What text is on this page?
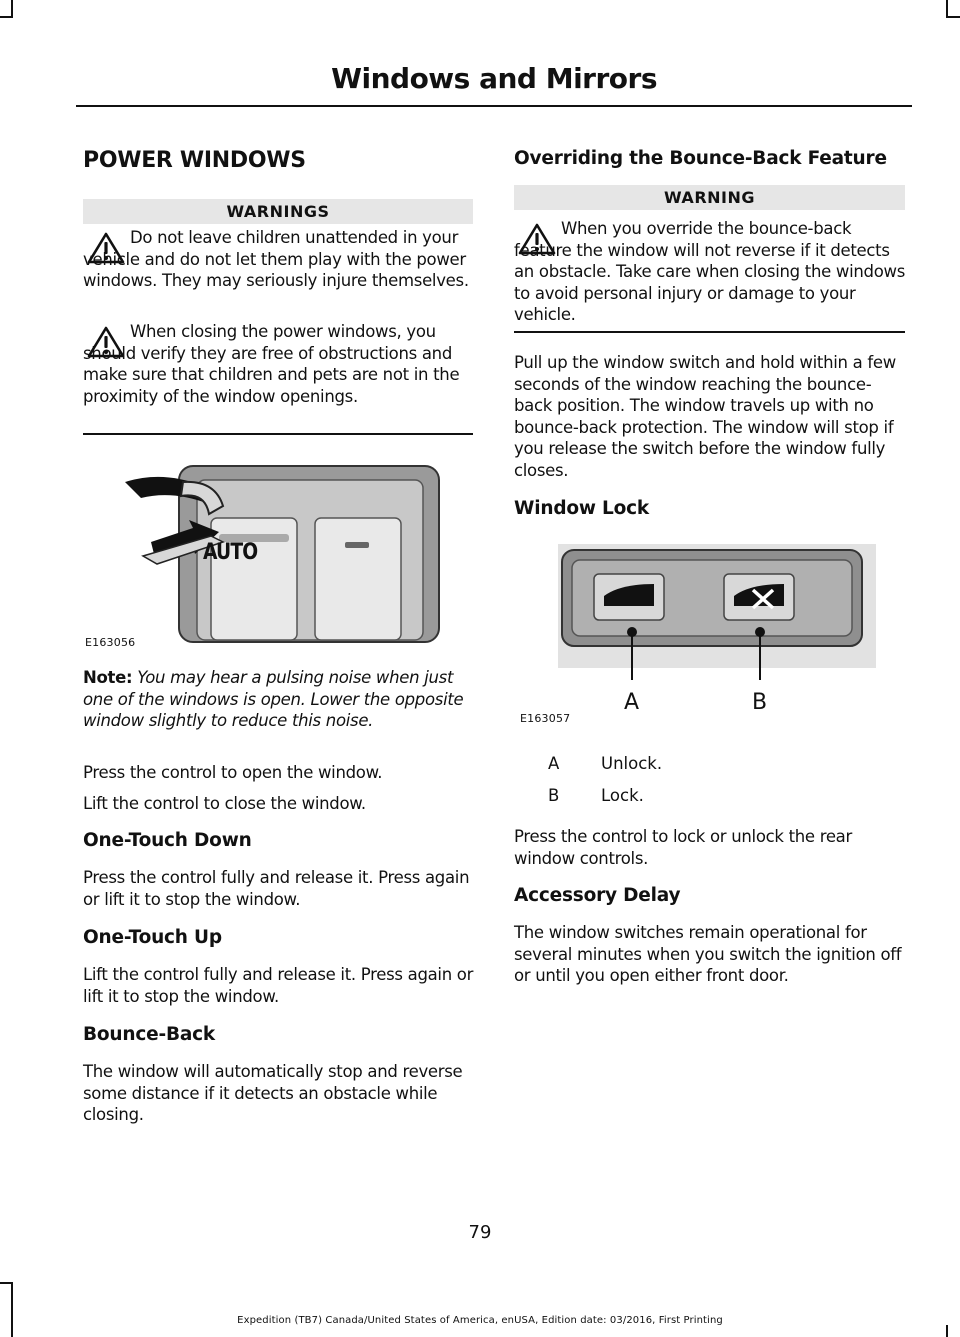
Windows and Mirrors
POWER WINDOWS
WARNINGS

Do not leave children unattended in your vehicle and do not let them play with the power windows. They may seriously injure themselves.

When closing the power windows, you should verify they are free of obstructions and make sure that children and pets are not in the proximity of the window openings.

AUTO
E163056

Note: You may hear a pulsing noise when just one of the windows is open. Lower the opposite window slightly to reduce this noise.

Press the control to open the window.

Lift the control to close the window.

One-Touch Down

Press the control fully and release it. Press again or lift it to stop the window.

One-Touch Up

Lift the control fully and release it. Press again or lift it to stop the window.

Bounce-Back

The window will automatically stop and reverse some distance if it detects an obstacle while closing.

Overriding the Bounce-Back Feature
WARNING

When you override the bounce-back feature the window will not reverse if it detects an obstacle. Take care when closing the windows to avoid personal injury or damage to your vehicle.

Pull up the window switch and hold within a few seconds of the window reaching the bounce-back position. The window travels up with no bounce-back protection. The window will stop if you release the switch before the window fully closes.

Window Lock
A	B
E163057
A	Unlock.
B	Lock.

Press the control to lock or unlock the rear window controls.

Accessory Delay

The window switches remain operational for several minutes when you switch the ignition off or until you open either front door.

79
Expedition (TB7) Canada/United States of America, enUSA, Edition date: 03/2016, First Printing
